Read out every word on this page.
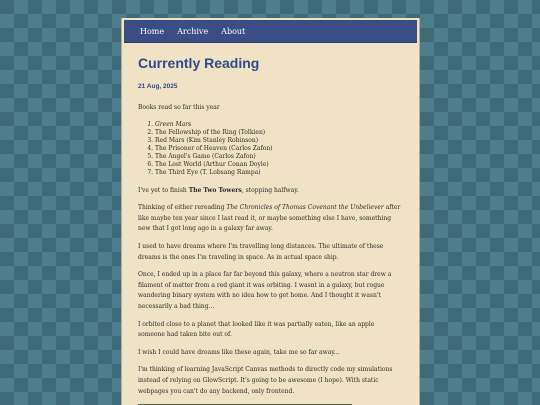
Home Archive About
Currently Reading
21 Aug, 2025

Books read so far this year

1. Green Mars
2. The Fellowship of the Ring (Tolkien)
3. Red Mars (Kim Stanley Robinson)
4. The Prisoner of Heaven (Carlos Zafon)
5. The Angel's Game (Carlos Zafon)
6. The Lost World (Arthur Conan Doyle)
7. The Third Eye (T. Lobsang Rampa)

I've yet to finish The Two Towers, stopping halfway.

Thinking of either rereading The Chronicles of Thomas Covenant the Unbeliever after like maybe ten year since I last read it, or maybe something else I have, something new that I got long ago in a galaxy far away.

I used to have dreams where I'm travelling long distances. The ultimate of these dreams is the ones I'm traveling in space. As in actual space ship.

Once, I ended up in a place far far beyond this galaxy, where a neutron star drew a filament of matter from a red giant it was orbiting. I wasnt in a galaxy, but rogue wandering binary system with no idea how to get home. And I thought it wasn't necessarily a bad thing...

I orbited close to a planet that looked like it was partially eaten, like an apple someone had taken bite out of.

I wish I could have dreams like these again, take me so far away...

I'm thinking of learning JavaScript Canvas methods to directly code my simulations instead of relying on GlowScript. It's going to be awesome (I hope). With static webpages you can't do any backend, only frontend.
